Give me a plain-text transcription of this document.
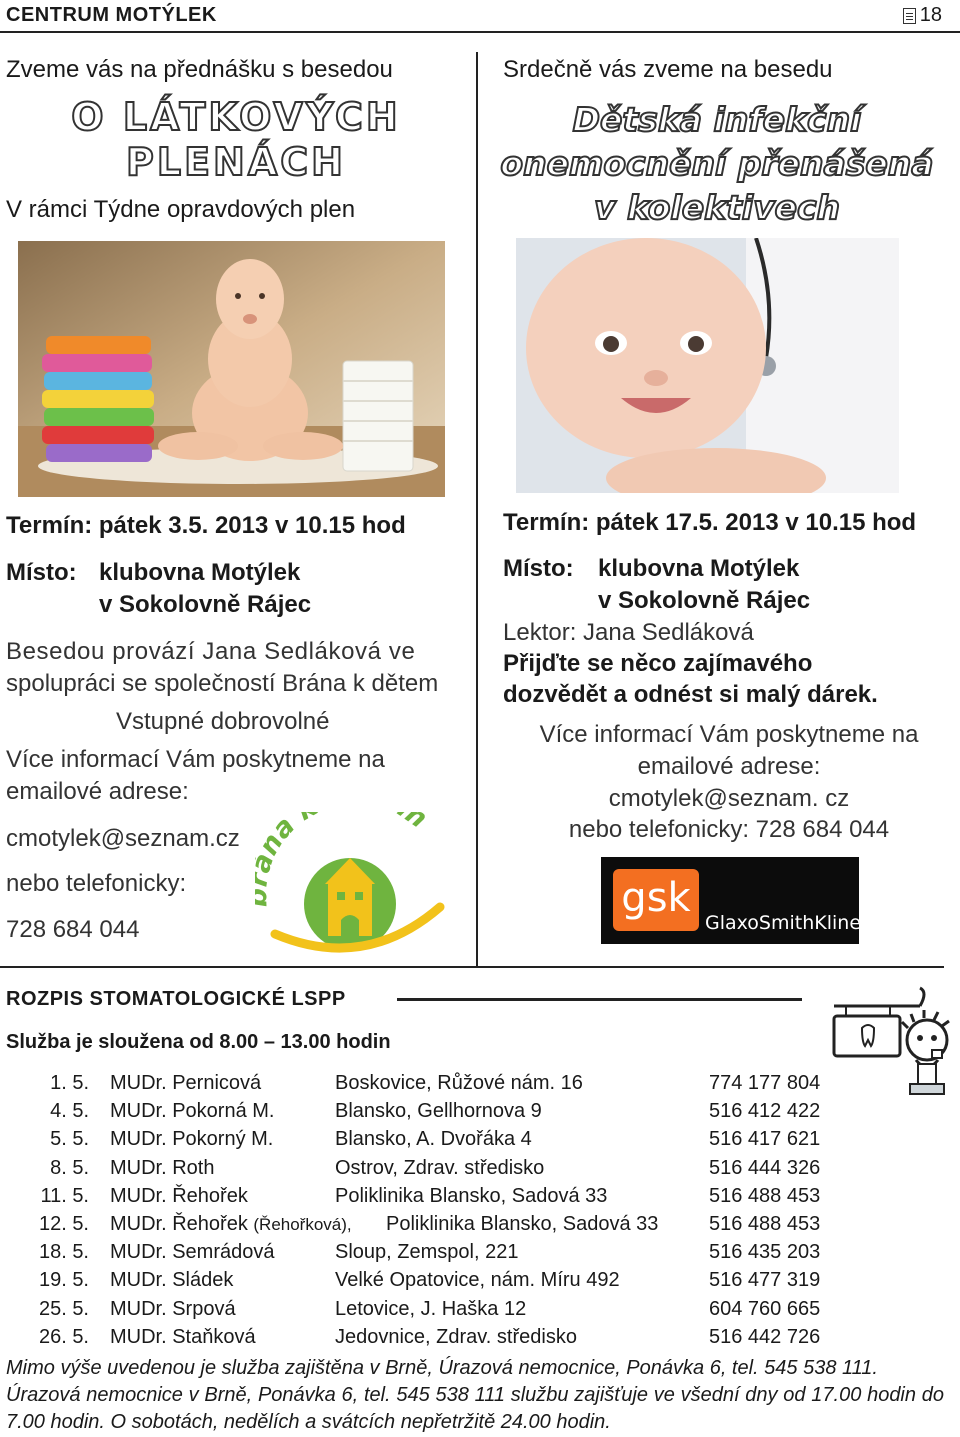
CENTRUM MOTÝLEK	18
Zveme vás na přednášku s besedou
O LÁTKOVÝCH
PLENÁCH
V rámci Týdne opravdových plen
Termín: pátek 3.5. 2013 v 10.15 hod
Místo: klubovna Motýlek
v Sokolovně Rájec
Besedou provází Jana Sedláková ve
spolupráci se společností Brána k dětem
Vstupné dobrovolné
Více informací Vám poskytneme na
emailové adrese:
cmotylek@seznam.cz
nebo telefonicky:
728 684 044
na m
Srdečně vás zveme na besedu
Dětská infekční
onemocnění přenášená
v kolektivech
Termín: pátek 17.5. 2013 v 10.15 hod
Místo: klubovna Motýlek
v Sokolovně Rájec
Lektor: Jana Sedláková
Přijďte se něco zajímavého
dozvědět a odnést si malý dárek.
Více informací Vám poskytneme na
emailové adrese:
cmotylek@seznam. cz
nebo telefonicky: 728 684 044
gsk
GlaxoSmithKline
ROZPIS STOMATOLOGICKÉ LSPP
Služba je sloužena od 8.00 – 13.00 hodin
1. 5. MUDr. Pernicová	Boskovice, Růžové nám. 16	774 177 804
4. 5. MUDr. Pokorná M.	Blansko, Gellhornova 9	516 412 422
5. 5. MUDr. Pokorný M.	Blansko, A. Dvořáka 4	516 417 621
8. 5. MUDr. Roth	Ostrov, Zdrav. středisko	516 444 326
11. 5. MUDr. Řehořek	Poliklinika Blansko, Sadová 33	516 488 453
12. 5. MUDr. Řehořek (Řehořková), Poliklinika Blansko, Sadová 33	516 488 453
18. 5. MUDr. Semrádová	Sloup, Zemspol, 221	516 435 203
19. 5. MUDr. Sládek	Velké Opatovice, nám. Míru 492	516 477 319
25. 5. MUDr. Srpová	Letovice, J. Haška 12	604 760 665
26. 5. MUDr. Staňková	Jedovnice, Zdrav. středisko	516 442 726

Mimo výše uvedenou je služba zajištěna v Brně, Úrazová nemocnice, Ponávka 6, tel. 545 538 111.

Úrazová nemocnice v Brně, Ponávka 6, tel. 545 538 111 službu zajišťuje ve všední dny od 17.00 hodin do 7.00 hodin. O sobotách, nedělích a svátcích nepřetržitě 24.00 hodin.
